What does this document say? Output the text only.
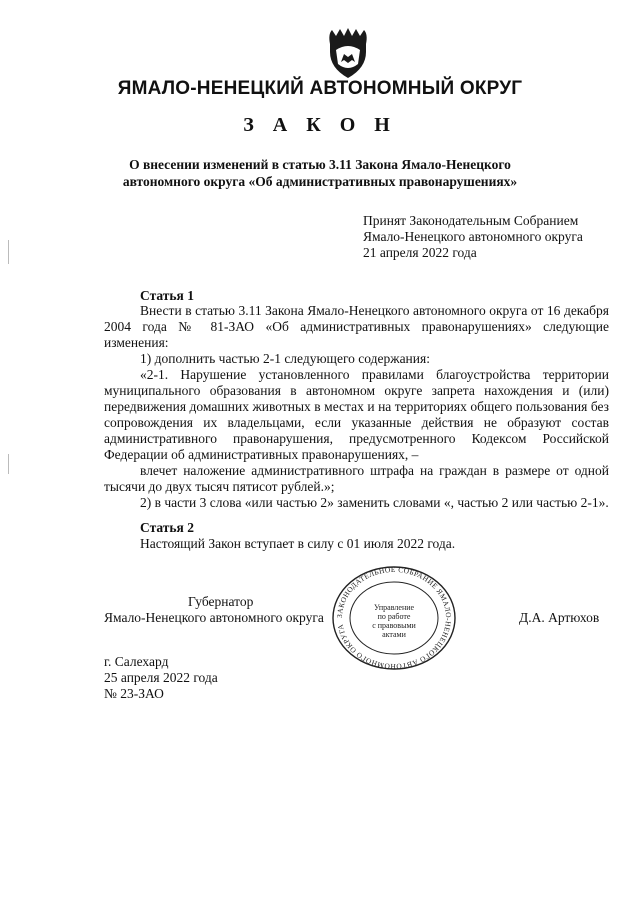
ЯМАЛО-НЕНЕЦКИЙ АВТОНОМНЫЙ ОКРУГ
З А К О Н
О внесении изменений в статью 3.11 Закона Ямало-Ненецкого
автономного округа «Об административных правонарушениях»
Принят Законодательным Собранием
Ямало-Ненецкого автономного округа
21 апреля 2022 года
Статья 1

Внести в статью 3.11 Закона Ямало-Ненецкого автономного округа от 16 декабря 2004 года № 81-ЗАО «Об административных правонарушениях» следующие изменения:

1) дополнить частью 2-1 следующего содержания:

«2-1. Нарушение установленного правилами благоустройства территории муниципального образования в автономном округе запрета нахождения и (или) передвижения домашних животных в местах и на территориях общего пользования без сопровождения их владельцами, если указанные действия не образуют состав административного правонарушения, предусмотренного Кодексом Российской Федерации об административных правонарушениях, –

влечет наложение административного штрафа на граждан в размере от одной тысячи до двух тысяч пятисот рублей.»;

2) в части 3 слова «или частью 2» заменить словами «, частью 2 или частью 2-1».

Статья 2

Настоящий Закон вступает в силу с 01 июля 2022 года.

Губернатор
Ямало-Ненецкого автономного округа ЗАКОНОДАТЕЛЬНОЕ СОБРАНИЕ ЯМАЛО-НЕНЕЦКОГО АВТОНОМНОГО ОКРУГА
Управление
по работе
с правовыми
актами
Д.А. Артюхов
г. Салехард
25 апреля 2022 года
№ 23-ЗАО
